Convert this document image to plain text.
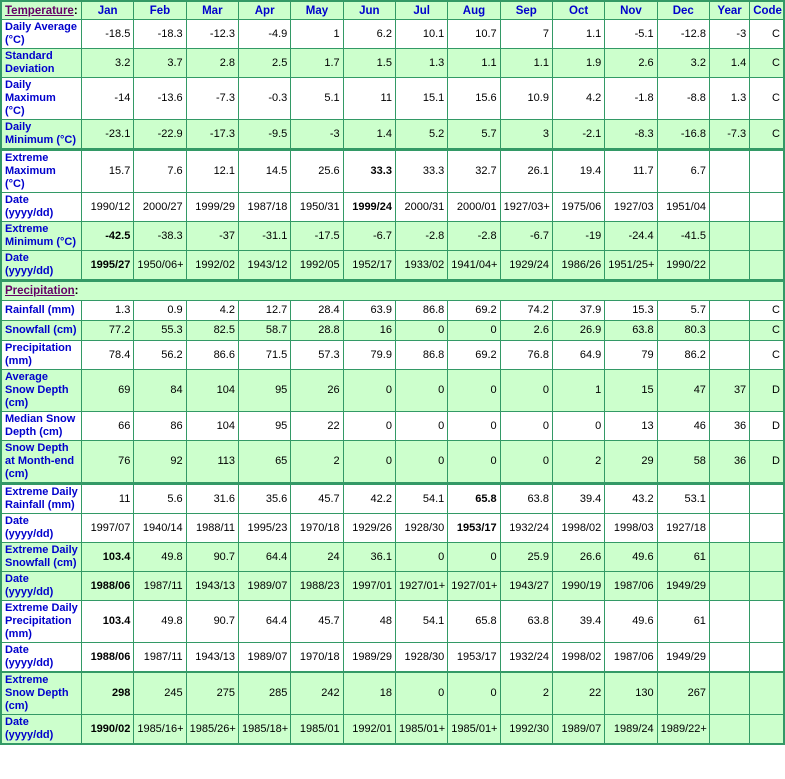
Temperature:	Jan	Feb	Mar	Apr	May	Jun	Jul	Aug	Sep	Oct	Nov	Dec	Year	Code
Daily Average (°C)	-18.5	-18.3	-12.3	-4.9	1	6.2	10.1	10.7	7	1.1	-5.1	-12.8	-3	C
Standard Deviation	3.2	3.7	2.8	2.5	1.7	1.5	1.3	1.1	1.1	1.9	2.6	3.2	1.4	C
Daily Maximum (°C)	-14	-13.6	-7.3	-0.3	5.1	11	15.1	15.6	10.9	4.2	-1.8	-8.8	1.3	C
Daily Minimum (°C)	-23.1	-22.9	-17.3	-9.5	-3	1.4	5.2	5.7	3	-2.1	-8.3	-16.8	-7.3	C
Extreme Maximum (°C)	15.7	7.6	12.1	14.5	25.6	33.3	33.3	32.7	26.1	19.4	11.7	6.7		
Date (yyyy/dd)	1990/12	2000/27	1999/29	1987/18	1950/31	1999/24	2000/31	2000/01	1927/03+	1975/06	1927/03	1951/04		
Extreme Minimum (°C)	-42.5	-38.3	-37	-31.1	-17.5	-6.7	-2.8	-2.8	-6.7	-19	-24.4	-41.5		
Date (yyyy/dd)	1995/27	1950/06+	1992/02	1943/12	1992/05	1952/17	1933/02	1941/04+	1929/24	1986/26	1951/25+	1990/22		
Precipitation:														
Rainfall (mm)	1.3	0.9	4.2	12.7	28.4	63.9	86.8	69.2	74.2	37.9	15.3	5.7		C
Snowfall (cm)	77.2	55.3	82.5	58.7	28.8	16	0	0	2.6	26.9	63.8	80.3		C
Precipitation (mm)	78.4	56.2	86.6	71.5	57.3	79.9	86.8	69.2	76.8	64.9	79	86.2		C
Average Snow Depth (cm)	69	84	104	95	26	0	0	0	0	1	15	47	37	D
Median Snow Depth (cm)	66	86	104	95	22	0	0	0	0	0	13	46	36	D
Snow Depth at Month-end (cm)	76	92	113	65	2	0	0	0	0	2	29	58	36	D
Extreme Daily Rainfall (mm)	11	5.6	31.6	35.6	45.7	42.2	54.1	65.8	63.8	39.4	43.2	53.1		
Date (yyyy/dd)	1997/07	1940/14	1988/11	1995/23	1970/18	1929/26	1928/30	1953/17	1932/24	1998/02	1998/03	1927/18		
Extreme Daily Snowfall (cm)	103.4	49.8	90.7	64.4	24	36.1	0	0	25.9	26.6	49.6	61		
Date (yyyy/dd)	1988/06	1987/11	1943/13	1989/07	1988/23	1997/01	1927/01+	1927/01+	1943/27	1990/19	1987/06	1949/29		
Extreme Daily Precipitation (mm)	103.4	49.8	90.7	64.4	45.7	48	54.1	65.8	63.8	39.4	49.6	61		
Date (yyyy/dd)	1988/06	1987/11	1943/13	1989/07	1970/18	1989/29	1928/30	1953/17	1932/24	1998/02	1987/06	1949/29		
Extreme Snow Depth (cm)	298	245	275	285	242	18	0	0	2	22	130	267		
Date (yyyy/dd)	1990/02	1985/16+	1985/26+	1985/18+	1985/01	1992/01	1985/01+	1985/01+	1992/30	1989/07	1989/24	1989/22+		
